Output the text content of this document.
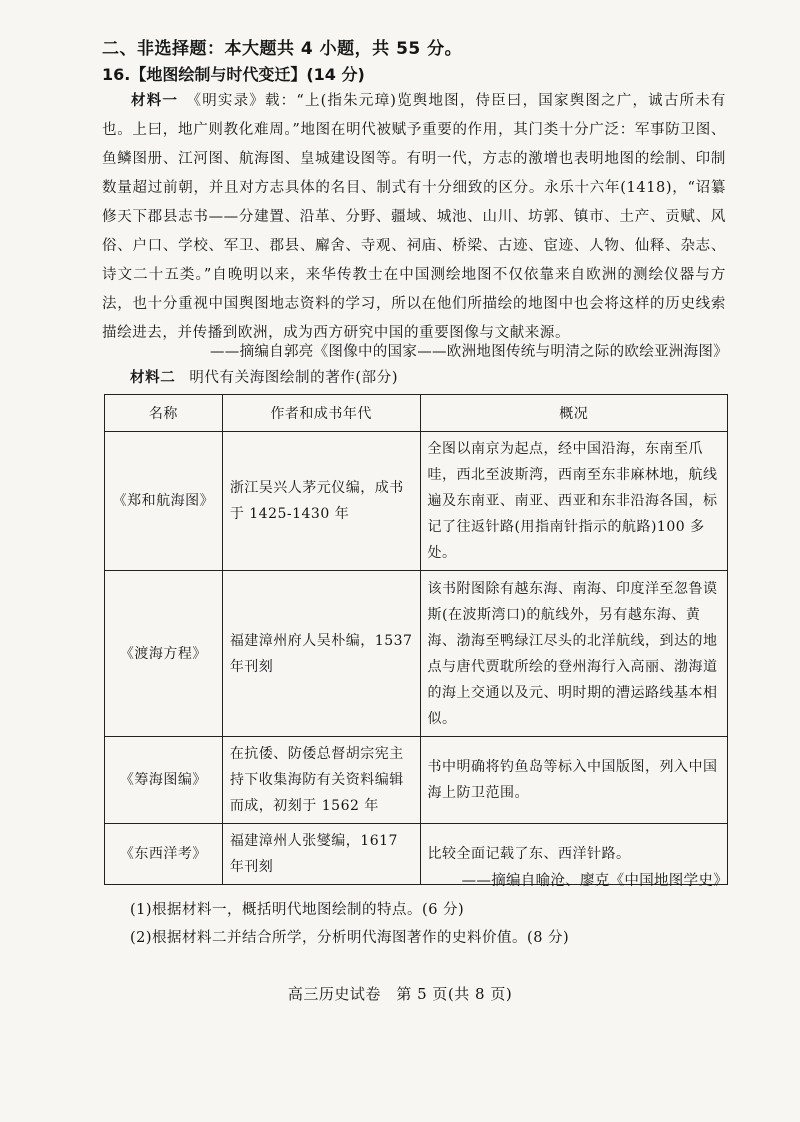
二、非选择题：本大题共 4 小题，共 55 分。
16.【地图绘制与时代变迁】(14 分)
材料一　 《明实录》载：“上(指朱元璋)览舆地图，侍臣曰，国家舆图之广，诚古所未有也。上曰，地广则教化难周。”地图在明代被赋予重要的作用，其门类十分广泛：军事防卫图、鱼鳞图册、江河图、航海图、皇城建设图等。有明一代，方志的激增也表明地图的绘制、印制数量超过前朝，并且对方志具体的名目、制式有十分细致的区分。永乐十六年(1418)，“诏纂修天下郡县志书——分建置、沿革、分野、疆域、城池、山川、坊郭、镇市、土产、贡赋、风俗、户口、学校、军卫、郡县、廨舍、寺观、祠庙、桥梁、古迹、宦迹、人物、仙释、杂志、诗文二十五类。”自晚明以来，来华传教士在中国测绘地图不仅依靠来自欧洲的测绘仪器与方法，也十分重视中国舆图地志资料的学习，所以在他们所描绘的地图中也会将这样的历史线索描绘进去，并传播到欧洲，成为西方研究中国的重要图像与文献来源。
——摘编自郭亮《图像中的国家——欧洲地图传统与明清之际的欧绘亚洲海图》
材料二 明代有关海图绘制的著作(部分)
名称	作者和成书年代	概况
《郑和航海图》	浙江吴兴人茅元仪编，成书于 1425-1430 年	全图以南京为起点，经中国沿海，东南至爪哇，西北至波斯湾，西南至东非麻林地，航线遍及东南亚、南亚、西亚和东非沿海各国，标记了往返针路(用指南针指示的航路)100 多处。
《渡海方程》	福建漳州府人吴朴编，1537 年刊刻	该书附图除有越东海、南海、印度洋至忽鲁谟斯(在波斯湾口)的航线外，另有越东海、黄海、渤海至鸭绿江尽头的北洋航线，到达的地点与唐代贾耽所绘的登州海行入高丽、渤海道的海上交通以及元、明时期的漕运路线基本相似。
《筹海图编》	在抗倭、防倭总督胡宗宪主持下收集海防有关资料编辑而成，初刻于 1562 年	书中明确将钓鱼岛等标入中国版图，列入中国海上防卫范围。
《东西洋考》	福建漳州人张燮编，1617 年刊刻	比较全面记载了东、西洋针路。
——摘编自喻沧、廖克《中国地图学史》
(1)根据材料一，概括明代地图绘制的特点。(6 分)
(2)根据材料二并结合所学，分析明代海图著作的史料价值。(8 分)
高三历史试卷　第 5 页(共 8 页)
